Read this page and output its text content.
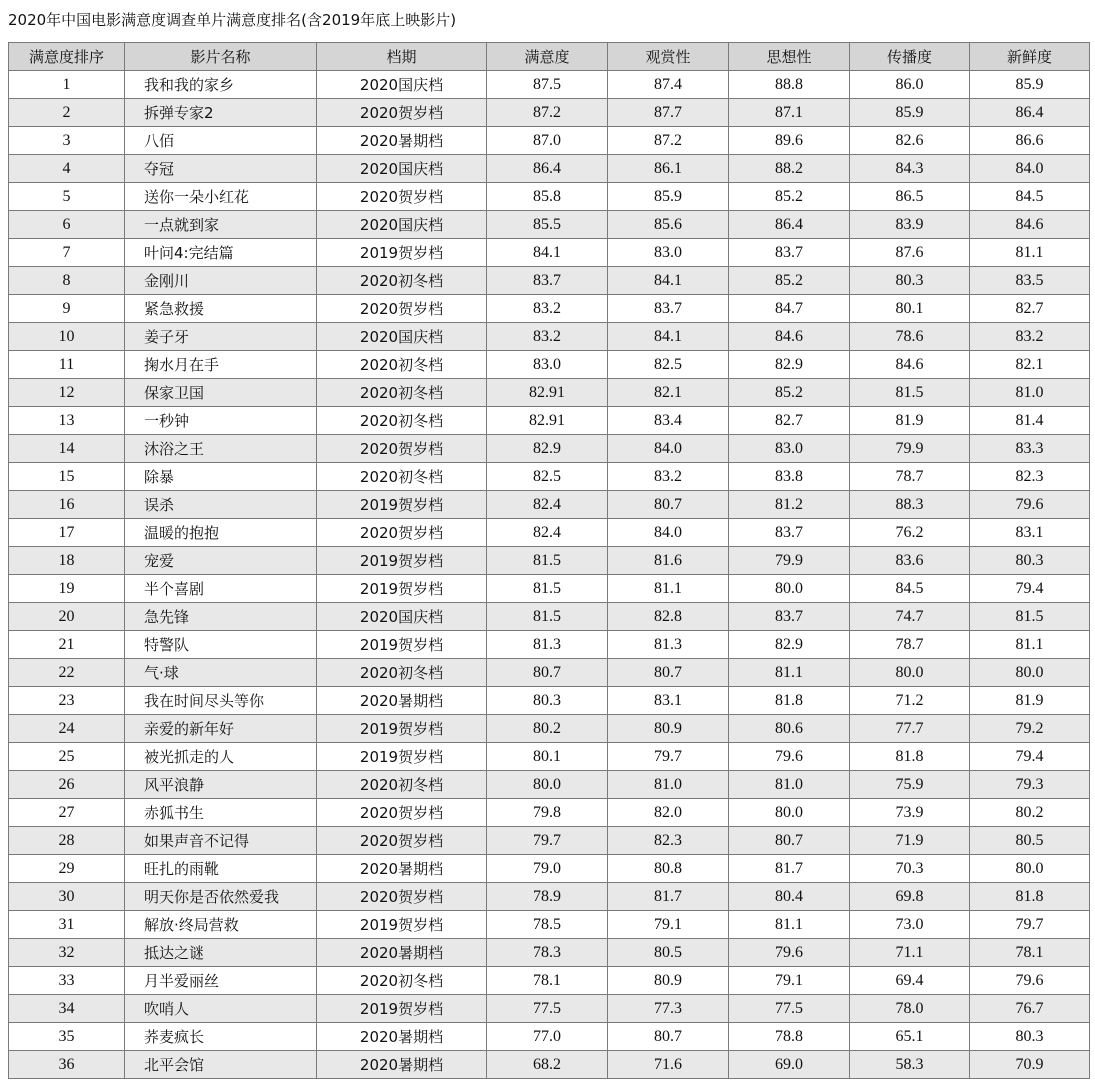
2020年中国电影满意度调查单片满意度排名(含2019年底上映影片)
满意度排序	影片名称	档期	满意度	观赏性	思想性	传播度	新鲜度
1	我和我的家乡	2020国庆档	87.5	87.4	88.8	86.0	85.9
2	拆弹专家2	2020贺岁档	87.2	87.7	87.1	85.9	86.4
3	八佰	2020暑期档	87.0	87.2	89.6	82.6	86.6
4	夺冠	2020国庆档	86.4	86.1	88.2	84.3	84.0
5	送你一朵小红花	2020贺岁档	85.8	85.9	85.2	86.5	84.5
6	一点就到家	2020国庆档	85.5	85.6	86.4	83.9	84.6
7	叶问4:完结篇	2019贺岁档	84.1	83.0	83.7	87.6	81.1
8	金刚川	2020初冬档	83.7	84.1	85.2	80.3	83.5
9	紧急救援	2020贺岁档	83.2	83.7	84.7	80.1	82.7
10	姜子牙	2020国庆档	83.2	84.1	84.6	78.6	83.2
11	掬水月在手	2020初冬档	83.0	82.5	82.9	84.6	82.1
12	保家卫国	2020初冬档	82.91	82.1	85.2	81.5	81.0
13	一秒钟	2020初冬档	82.91	83.4	82.7	81.9	81.4
14	沐浴之王	2020贺岁档	82.9	84.0	83.0	79.9	83.3
15	除暴	2020初冬档	82.5	83.2	83.8	78.7	82.3
16	误杀	2019贺岁档	82.4	80.7	81.2	88.3	79.6
17	温暖的抱抱	2020贺岁档	82.4	84.0	83.7	76.2	83.1
18	宠爱	2019贺岁档	81.5	81.6	79.9	83.6	80.3
19	半个喜剧	2019贺岁档	81.5	81.1	80.0	84.5	79.4
20	急先锋	2020国庆档	81.5	82.8	83.7	74.7	81.5
21	特警队	2019贺岁档	81.3	81.3	82.9	78.7	81.1
22	气·球	2020初冬档	80.7	80.7	81.1	80.0	80.0
23	我在时间尽头等你	2020暑期档	80.3	83.1	81.8	71.2	81.9
24	亲爱的新年好	2019贺岁档	80.2	80.9	80.6	77.7	79.2
25	被光抓走的人	2019贺岁档	80.1	79.7	79.6	81.8	79.4
26	风平浪静	2020初冬档	80.0	81.0	81.0	75.9	79.3
27	赤狐书生	2020贺岁档	79.8	82.0	80.0	73.9	80.2
28	如果声音不记得	2020贺岁档	79.7	82.3	80.7	71.9	80.5
29	旺扎的雨靴	2020暑期档	79.0	80.8	81.7	70.3	80.0
30	明天你是否依然爱我	2020贺岁档	78.9	81.7	80.4	69.8	81.8
31	解放·终局营救	2019贺岁档	78.5	79.1	81.1	73.0	79.7
32	抵达之谜	2020暑期档	78.3	80.5	79.6	71.1	78.1
33	月半爱丽丝	2020初冬档	78.1	80.9	79.1	69.4	79.6
34	吹哨人	2019贺岁档	77.5	77.3	77.5	78.0	76.7
35	荞麦疯长	2020暑期档	77.0	80.7	78.8	65.1	80.3
36	北平会馆	2020暑期档	68.2	71.6	69.0	58.3	70.9
